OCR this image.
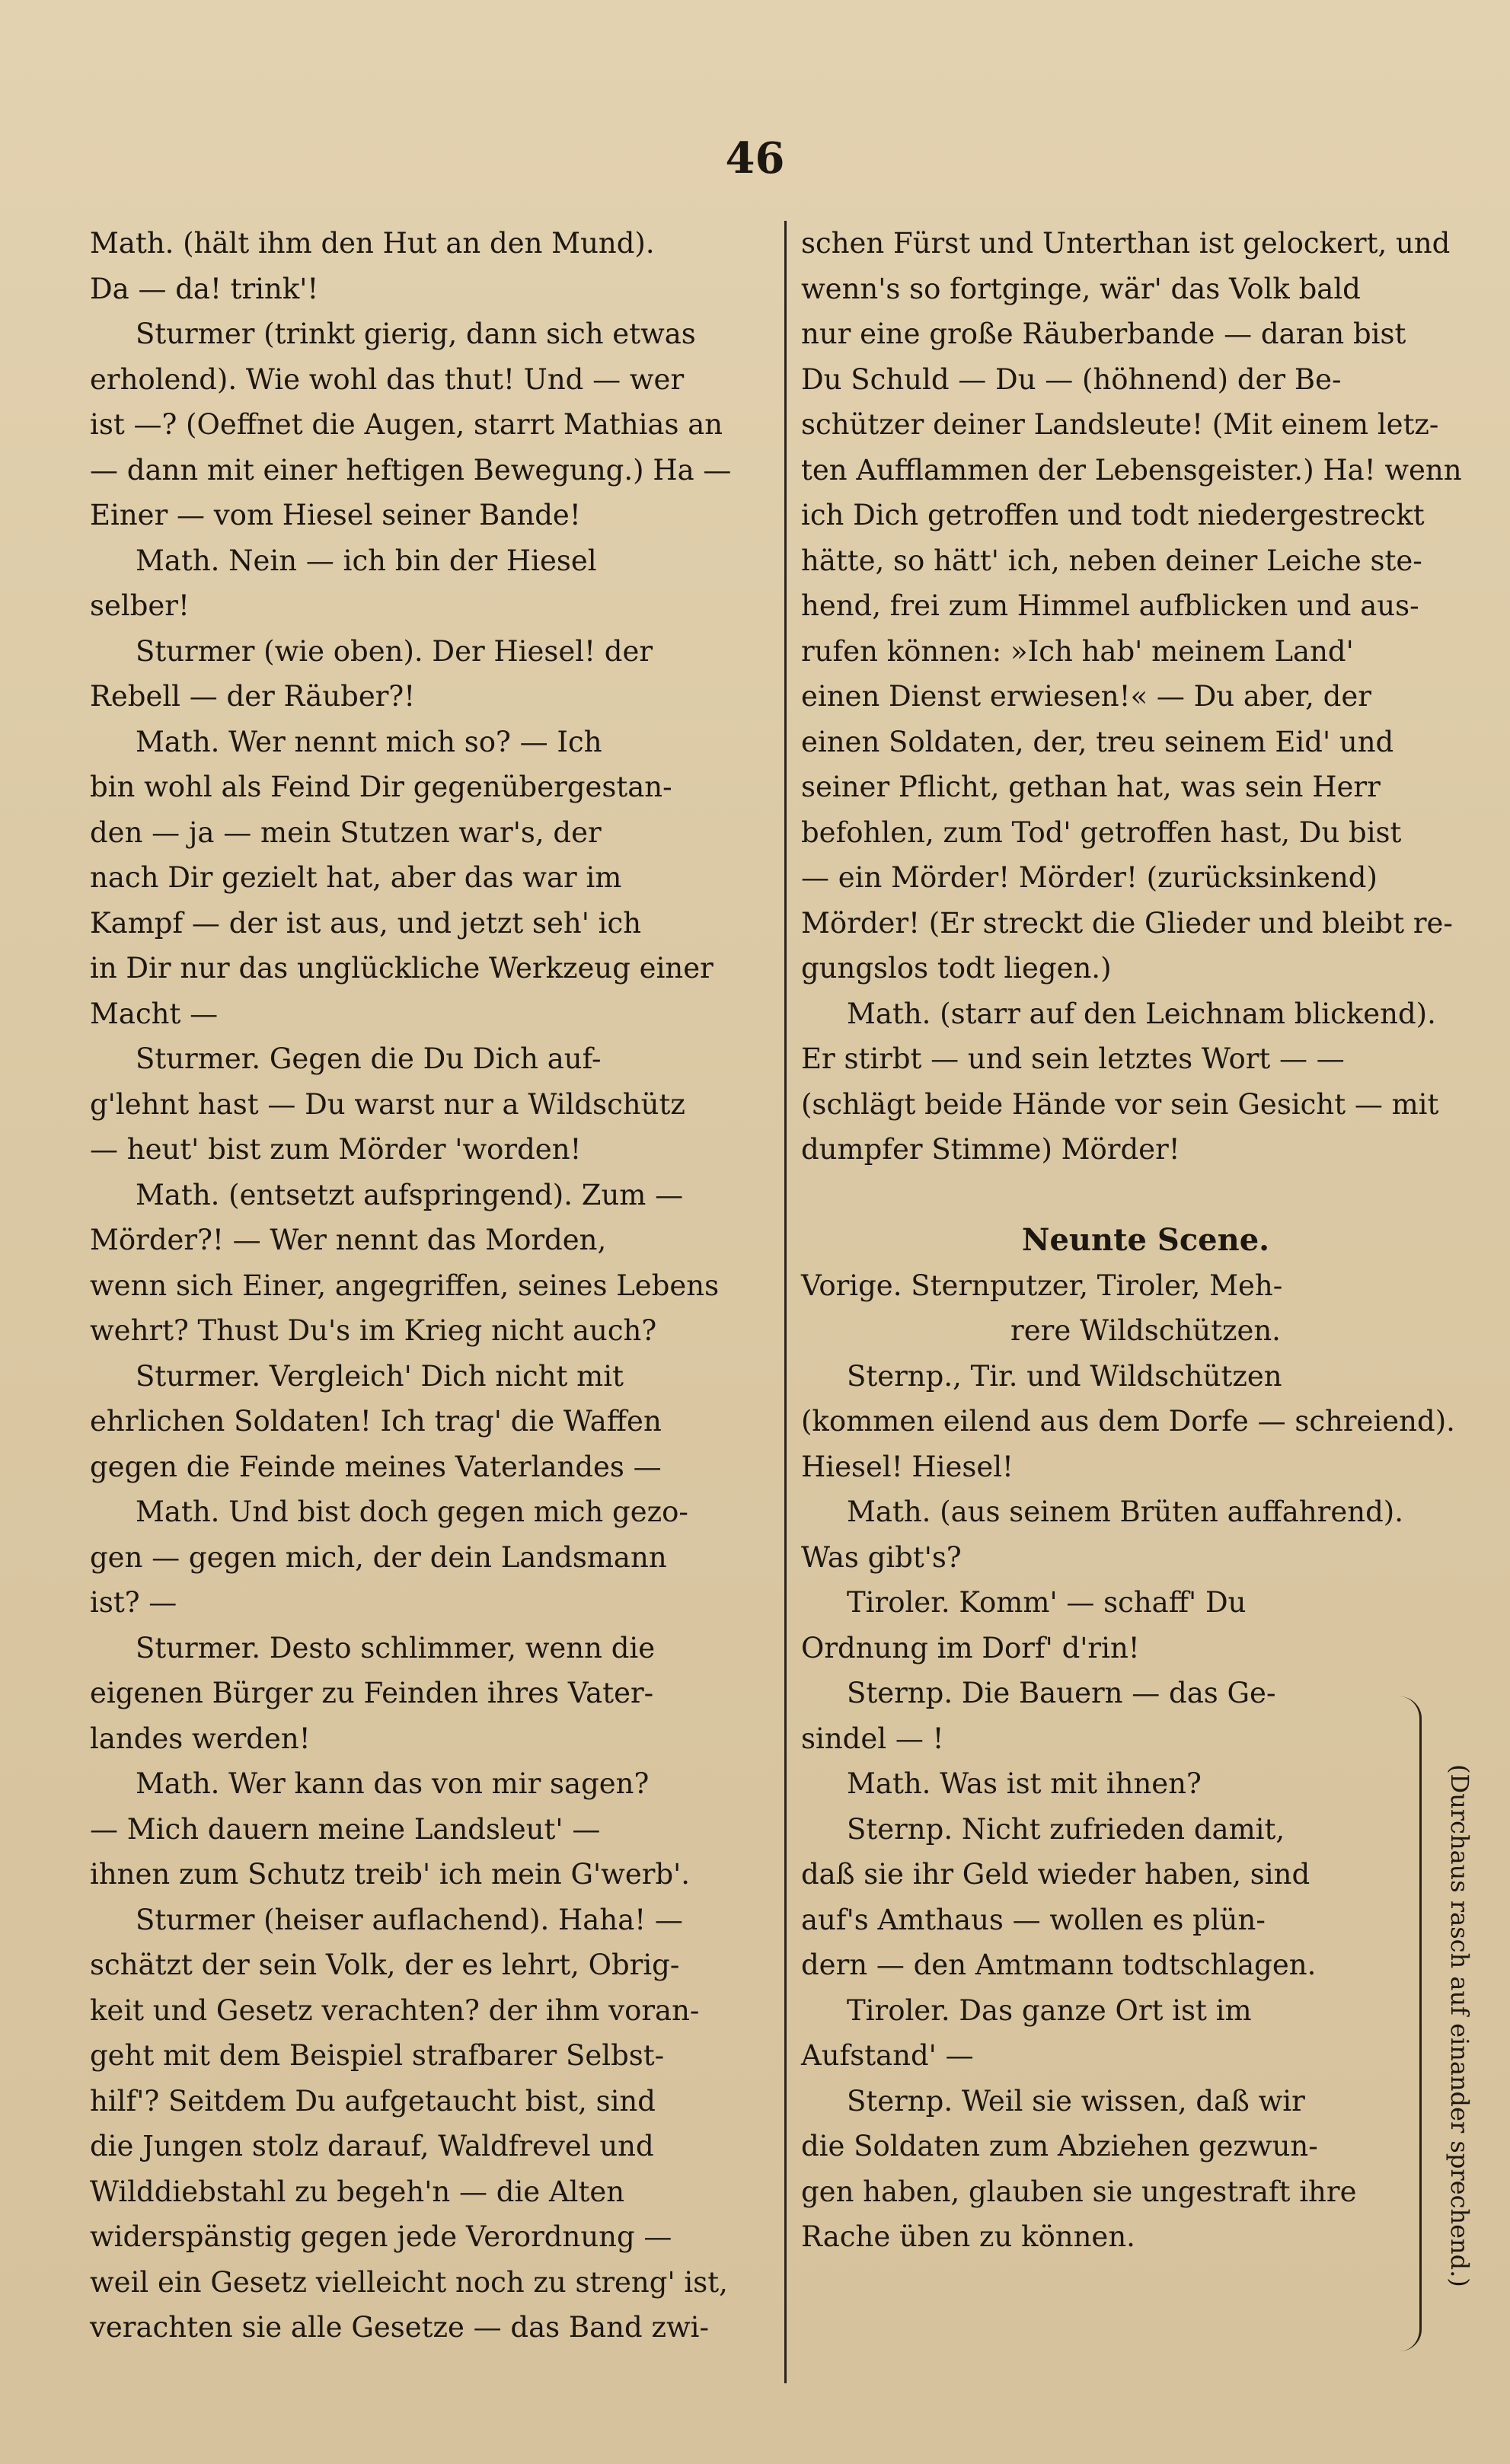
46
Math. (hält ihm den Hut an den Mund).
Da — da! trink'!
Sturmer (trinkt gierig, dann sich etwas
erholend). Wie wohl das thut! Und — wer
ist —? (Oeffnet die Augen, starrt Mathias an
— dann mit einer heftigen Bewegung.) Ha —
Einer — vom Hiesel seiner Bande!
Math. Nein — ich bin der Hiesel
selber!
Sturmer (wie oben). Der Hiesel! der
Rebell — der Räuber?!
Math. Wer nennt mich so? — Ich
bin wohl als Feind Dir gegenübergestan-
den — ja — mein Stutzen war's, der
nach Dir gezielt hat, aber das war im
Kampf — der ist aus, und jetzt seh' ich
in Dir nur das unglückliche Werkzeug einer
Macht —
Sturmer. Gegen die Du Dich auf-
g'lehnt hast — Du warst nur a Wildschütz
— heut' bist zum Mörder 'worden!
Math. (entsetzt aufspringend). Zum —
Mörder?! — Wer nennt das Morden,
wenn sich Einer, angegriffen, seines Lebens
wehrt? Thust Du's im Krieg nicht auch?
Sturmer. Vergleich' Dich nicht mit
ehrlichen Soldaten! Ich trag' die Waffen
gegen die Feinde meines Vaterlandes —
Math. Und bist doch gegen mich gezo-
gen — gegen mich, der dein Landsmann
ist? —
Sturmer. Desto schlimmer, wenn die
eigenen Bürger zu Feinden ihres Vater-
landes werden!
Math. Wer kann das von mir sagen?
— Mich dauern meine Landsleut' —
ihnen zum Schutz treib' ich mein G'werb'.
Sturmer (heiser auflachend). Haha! —
schätzt der sein Volk, der es lehrt, Obrig-
keit und Gesetz verachten? der ihm voran-
geht mit dem Beispiel strafbarer Selbst-
hilf'? Seitdem Du aufgetaucht bist, sind
die Jungen stolz darauf, Waldfrevel und
Wilddiebstahl zu begeh'n — die Alten
widerspänstig gegen jede Verordnung —
weil ein Gesetz vielleicht noch zu streng' ist,
verachten sie alle Gesetze — das Band zwi-
schen Fürst und Unterthan ist gelockert, und
wenn's so fortginge, wär' das Volk bald
nur eine große Räuberbande — daran bist
Du Schuld — Du — (höhnend) der Be-
schützer deiner Landsleute! (Mit einem letz-
ten Aufflammen der Lebensgeister.) Ha! wenn
ich Dich getroffen und todt niedergestreckt
hätte, so hätt' ich, neben deiner Leiche ste-
hend, frei zum Himmel aufblicken und aus-
rufen können: »Ich hab' meinem Land'
einen Dienst erwiesen!« — Du aber, der
einen Soldaten, der, treu seinem Eid' und
seiner Pflicht, gethan hat, was sein Herr
befohlen, zum Tod' getroffen hast, Du bist
— ein Mörder! Mörder! (zurücksinkend)
Mörder! (Er streckt die Glieder und bleibt re-
gungslos todt liegen.)
Math. (starr auf den Leichnam blickend).
Er stirbt — und sein letztes Wort — —
(schlägt beide Hände vor sein Gesicht — mit
dumpfer Stimme) Mörder!
Neunte Scene.
Vorige. Sternputzer, Tiroler, Meh-
rere Wildschützen.
Sternp., Tir. und Wildschützen
(kommen eilend aus dem Dorfe — schreiend).
Hiesel! Hiesel!
Math. (aus seinem Brüten auffahrend).
Was gibt's?
Tiroler. Komm' — schaff' Du
Ordnung im Dorf' d'rin!
Sternp. Die Bauern — das Ge-
sindel — !
Math. Was ist mit ihnen?
Sternp. Nicht zufrieden damit,
daß sie ihr Geld wieder haben, sind
auf's Amthaus — wollen es plün-
dern — den Amtmann todtschlagen.
Tiroler. Das ganze Ort ist im
Aufstand' —
Sternp. Weil sie wissen, daß wir
die Soldaten zum Abziehen gezwun-
gen haben, glauben sie ungestraft ihre
Rache üben zu können.	(Durchaus rasch auf einander sprechend.)
